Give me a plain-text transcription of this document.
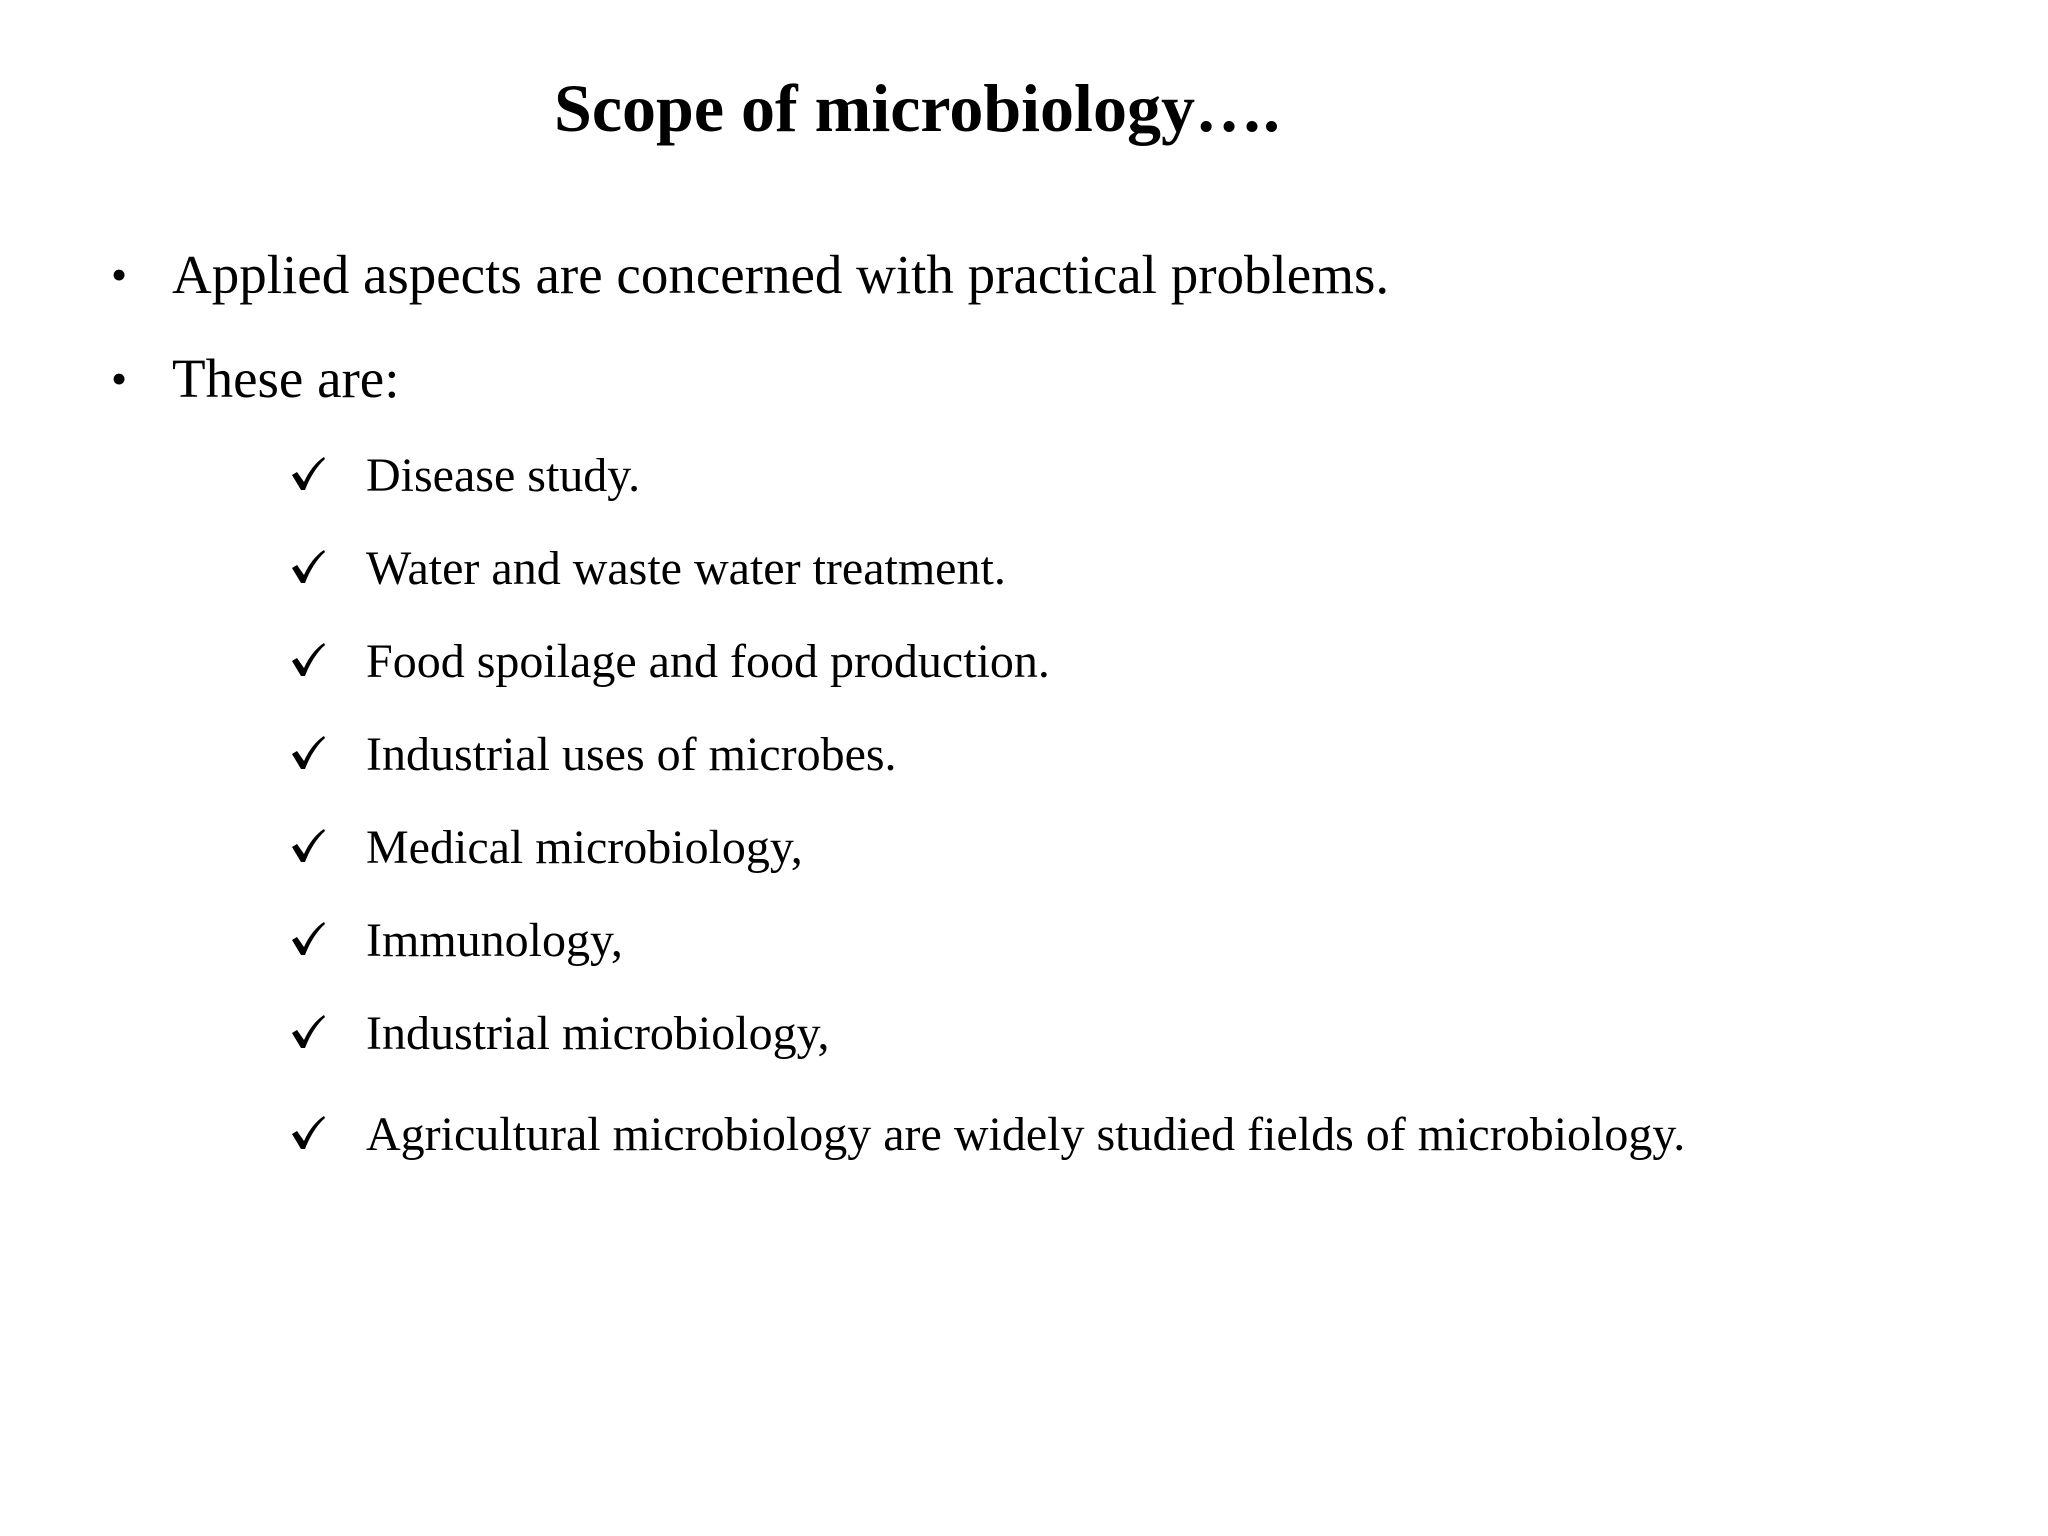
Scope of microbiology….
• Applied aspects are concerned with practical problems.
• These are:
Disease study.
Water and waste water treatment.
Food spoilage and food production.
Industrial uses of microbes.
Medical microbiology,
Immunology,
Industrial microbiology,
Agricultural microbiology are widely studied fields of microbiology.
